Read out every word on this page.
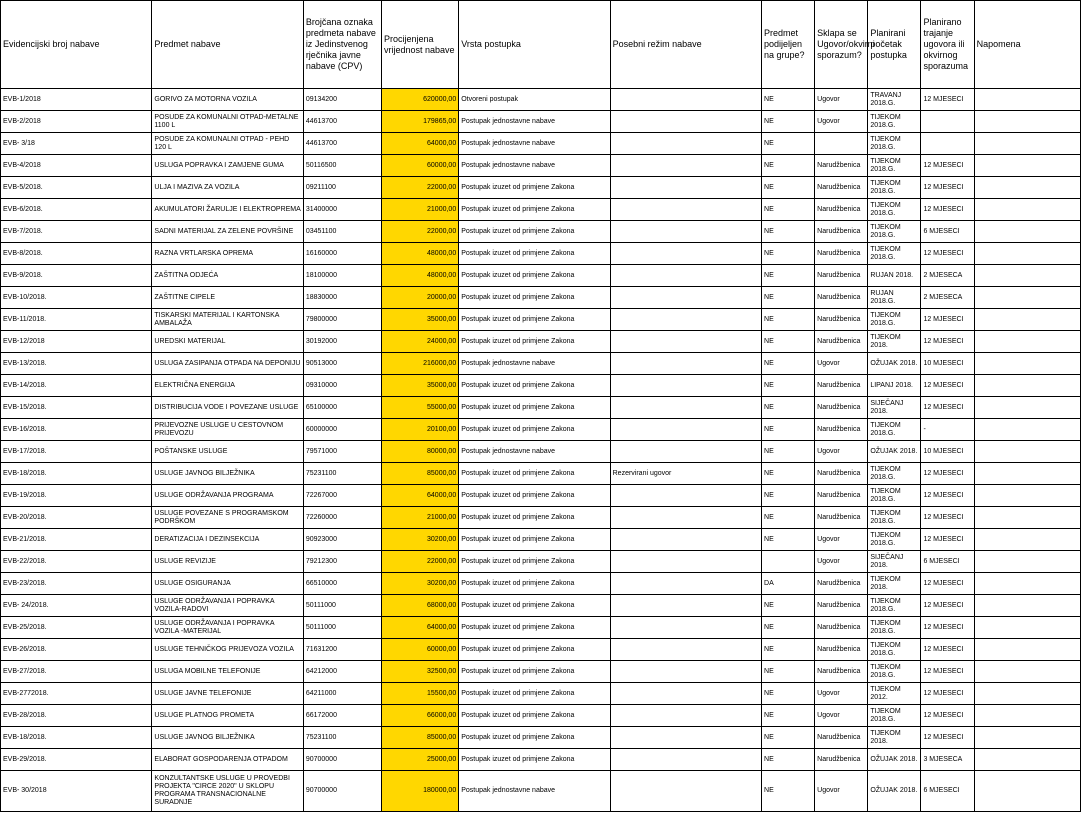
Evidencijski broj nabave	Predmet nabave	Brojčana oznaka predmeta nabave iz Jedinstvenog rječnika javne nabave (CPV)	Procijenjena vrijednost nabave	Vrsta postupka	Posebni režim nabave	Predmet podijeljen na grupe?	Sklapa se Ugovor/okvirni sporazum?	Planirani početak postupka	Planirano trajanje ugovora ili okvirnog sporazuma	Napomena
EVB-1/2018	GORIVO ZA MOTORNA VOZILA	09134200	620000,00	Otvoreni postupak		NE	Ugovor	TRAVANJ 2018.G.	12 MJESECI	
EVB-2/2018	POSUDE ZA KOMUNALNI OTPAD-METALNE 1100 L	44613700	179865,00	Postupak jednostavne nabave		NE	Ugovor	TIJEKOM 2018.G.		
EVB- 3/18	POSUDE ZA KOMUNALNI OTPAD - PEHD 120 L	44613700	64000,00	Postupak jednostavne nabave		NE		TIJEKOM 2018.G.		
EVB-4/2018	USLUGA POPRAVKA I ZAMJENE GUMA	50116500	60000,00	Postupak jednostavne nabave		NE	Narudžbenica	TIJEKOM 2018.G.	12 MJESECI	
EVB-5/2018.	ULJA I MAZIVA ZA VOZILA	09211100	22000,00	Postupak izuzet od primjene Zakona		NE	Narudžbenica	TIJEKOM 2018.G.	12 MJESECI	
EVB-6/2018.	AKUMULATORI ŽARULJE I ELEKTROPREMA	31400000	21000,00	Postupak izuzet od primjene Zakona		NE	Narudžbenica	TIJEKOM 2018.G.	12 MJESECI	
EVB-7/2018.	SADNI MATERIJAL ZA ZELENE POVRŠINE	03451100	22000,00	Postupak izuzet od primjene Zakona		NE	Narudžbenica	TIJEKOM 2018.G.	6 MJESECI	
EVB-8/2018.	RAZNA VRTLARSKA OPREMA	16160000	48000,00	Postupak izuzet od primjene Zakona		NE	Narudžbenica	TIJEKOM 2018.G.	12 MJESECI	
EVB-9/2018.	ZAŠTITNA ODJEĆA	18100000	48000,00	Postupak izuzet od primjene Zakona		NE	Narudžbenica	RUJAN 2018.	2 MJESECA	
EVB-10/2018.	ZAŠTITNE CIPELE	18830000	20000,00	Postupak izuzet od primjene Zakona		NE	Narudžbenica	RUJAN 2018.G.	2 MJESECA	
EVB-11/2018.	TISKARSKI MATERIJAL I KARTONSKA AMBALAŽA	79800000	35000,00	Postupak izuzet od primjene Zakona		NE	Narudžbenica	TIJEKOM 2018.G.	12 MJESECI	
EVB-12/2018	UREDSKI MATERIJAL	30192000	24000,00	Postupak izuzet od primjene Zakona		NE	Narudžbenica	TIJEKOM 2018.	12 MJESECI	
EVB-13/2018.	USLUGA ZASIPANJA OTPADA NA DEPONIJU	90513000	216000,00	Postupak jednostavne nabave		NE	Ugovor	OŽUJAK 2018.	10 MJESECI	
EVB-14/2018.	ELEKTRIČNA ENERGIJA	09310000	35000,00	Postupak izuzet od primjene Zakona		NE	Narudžbenica	LIPANJ 2018.	12 MJESECI	
EVB-15/2018.	DISTRIBUCIJA VODE I POVEZANE USLUGE	65100000	55000,00	Postupak izuzet od primjene Zakona		NE	Narudžbenica	SIJEČANJ 2018.	12 MJESECI	
EVB-16/2018.	PRIJEVOZNE USLUGE U CESTOVNOM PRIJEVOZU	60000000	20100,00	Postupak izuzet od primjene Zakona		NE	Narudžbenica	TIJEKOM 2018.G.	-	
EVB-17/2018.	POŠTANSKE USLUGE	79571000	80000,00	Postupak jednostavne nabave		NE	Ugovor	OŽUJAK 2018.	10 MJESECI	
EVB-18/2018.	USLUGE JAVNOG BILJEŽNIKA	75231100	85000,00	Postupak izuzet od primjene Zakona	Rezervirani ugovor	NE	Narudžbenica	TIJEKOM 2018.G.	12 MJESECI	
EVB-19/2018.	USLUGE ODRŽAVANJA PROGRAMA	72267000	64000,00	Postupak izuzet od primjene Zakona		NE	Narudžbenica	TIJEKOM 2018.G.	12 MJESECI	
EVB-20/2018.	USLUGE POVEZANE S PROGRAMSKOM PODRŠKOM	72260000	21000,00	Postupak izuzet od primjene Zakona		NE	Narudžbenica	TIJEKOM 2018.G.	12 MJESECI	
EVB-21/2018.	DERATIZACIJA I DEZINSEKCIJA	90923000	30200,00	Postupak izuzet od primjene Zakona		NE	Ugovor	TIJEKOM 2018.G.	12 MJESECI	
EVB-22/2018.	USLUGE REVIZIJE	79212300	22000,00	Postupak izuzet od primjene Zakona			Ugovor	SIJEČANJ 2018.	6 MJESECI	
EVB-23/2018.	USLUGE OSIGURANJA	66510000	30200,00	Postupak izuzet od primjene Zakona		DA	Narudžbenica	TIJEKOM 2018.	12 MJESECI	
EVB- 24/2018.	USLUGE ODRŽAVANJA I POPRAVKA VOZILA-RADOVI	50111000	68000,00	Postupak izuzet od primjene Zakona		NE	Narudžbenica	TIJEKOM 2018.G.	12 MJESECI	
EVB-25/2018.	USLUGE ODRŽAVANJA I POPRAVKA VOZILA -MATERIJAL	50111000	64000,00	Postupak izuzet od primjene Zakona		NE	Narudžbenica	TIJEKOM 2018.G.	12 MJESECI	
EVB-26/2018.	USLUGE TEHNIČKOG PRIJEVOZA VOZILA	71631200	60000,00	Postupak izuzet od primjene Zakona		NE	Narudžbenica	TIJEKOM 2018.G.	12 MJESECI	
EVB-27/2018.	USLUGA MOBILNE TELEFONIJE	64212000	32500,00	Postupak izuzet od primjene Zakona		NE	Narudžbenica	TIJEKOM 2018.G.	12 MJESECI	
EVB-2772018.	USLUGE JAVNE TELEFONIJE	64211000	15500,00	Postupak izuzet od primjene Zakona		NE	Ugovor	TIJEKOM 2012.	12 MJESECI	
EVB-28/2018.	USLUGE PLATNOG PROMETA	66172000	66000,00	Postupak izuzet od primjene Zakona		NE	Ugovor	TIJEKOM 2018.G.	12 MJESECI	
EVB-18/2018.	USLUGE JAVNOG BILJEŽNIKA	75231100	85000,00	Postupak izuzet od primjene Zakona		NE	Narudžbenica	TIJEKOM 2018.	12 MJESECI	
EVB-29/2018.	ELABORAT GOSPODARENJA OTPADOM	90700000	25000,00	Postupak izuzet od primjene Zakona		NE	Narudžbenica	OŽUJAK 2018.	3 MJESECA	
EVB- 30/2018	KONZULTANTSKE USLUGE U PROVEDBI PROJEKTA "CIRCE 2020" U SKLOPU PROGRAMA TRANSNACIONALNE SURADNJE	90700000	180000,00	Postupak jednostavne nabave		NE	Ugovor	OŽUJAK 2018.	6 MJESECI	
